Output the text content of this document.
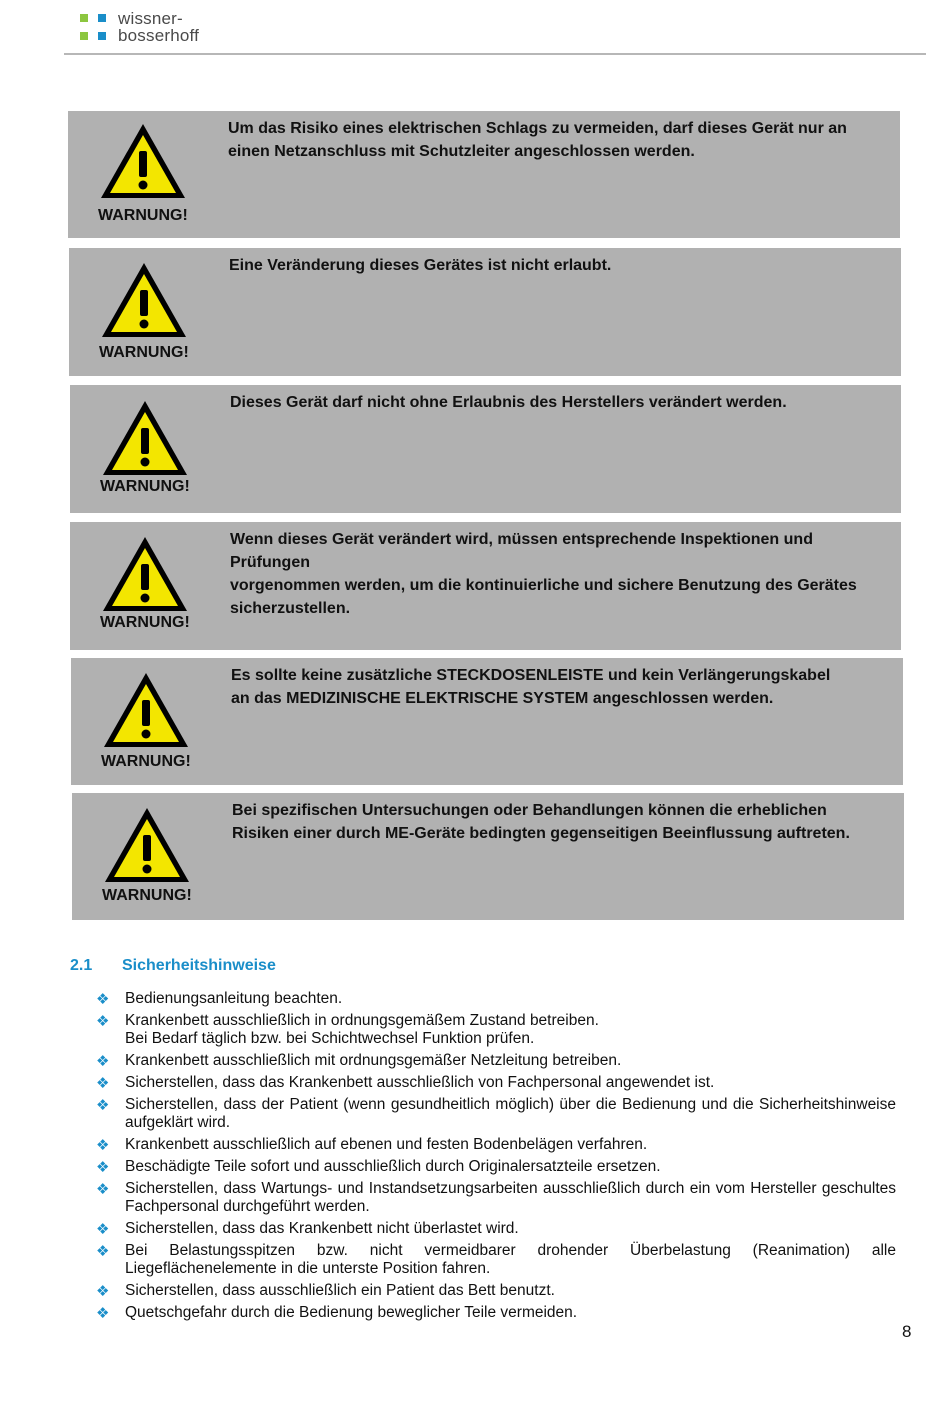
wissner-
bosserhoff
WARNUNG!
Um das Risiko eines elektrischen Schlags zu vermeiden, darf dieses Gerät nur an
einen Netzanschluss mit Schutzleiter angeschlossen werden.
WARNUNG!
Eine Veränderung dieses Gerätes ist nicht erlaubt.
WARNUNG!
Dieses Gerät darf nicht ohne Erlaubnis des Herstellers verändert werden.
WARNUNG!
Wenn dieses Gerät verändert wird, müssen entsprechende Inspektionen und
Prüfungen
vorgenommen werden, um die kontinuierliche und sichere Benutzung des Gerätes
sicherzustellen.
WARNUNG!
Es sollte keine zusätzliche STECKDOSENLEISTE und kein Verlängerungskabel
an das MEDIZINISCHE ELEKTRISCHE SYSTEM angeschlossen werden.
WARNUNG!
Bei spezifischen Untersuchungen oder Behandlungen können die erheblichen
Risiken einer durch ME-Geräte bedingten gegenseitigen Beeinflussung auftreten.
2.1 Sicherheitshinweise
❖ Bedienungsanleitung beachten.
❖ Krankenbett ausschließlich in ordnungsgemäßem Zustand betreiben.
Bei Bedarf täglich bzw. bei Schichtwechsel Funktion prüfen.
❖ Krankenbett ausschließlich mit ordnungsgemäßer Netzleitung betreiben.
❖ Sicherstellen, dass das Krankenbett ausschließlich von Fachpersonal angewendet ist.
❖ Sicherstellen, dass der Patient (wenn gesundheitlich möglich) über die Bedienung und die Sicherheitshinweise aufgeklärt wird.
❖ Krankenbett ausschließlich auf ebenen und festen Bodenbelägen verfahren.
❖ Beschädigte Teile sofort und ausschließlich durch Originalersatzteile ersetzen.
❖ Sicherstellen, dass Wartungs- und Instandsetzungsarbeiten ausschließlich durch ein vom Hersteller geschultes Fachpersonal durchgeführt werden.
❖ Sicherstellen, dass das Krankenbett nicht überlastet wird.
❖ Bei Belastungsspitzen bzw. nicht vermeidbarer drohender Überbelastung (Reanimation) alle Liegeflächenelemente in die unterste Position fahren.
❖ Sicherstellen, dass ausschließlich ein Patient das Bett benutzt.
❖ Quetschgefahr durch die Bedienung beweglicher Teile vermeiden.
8
